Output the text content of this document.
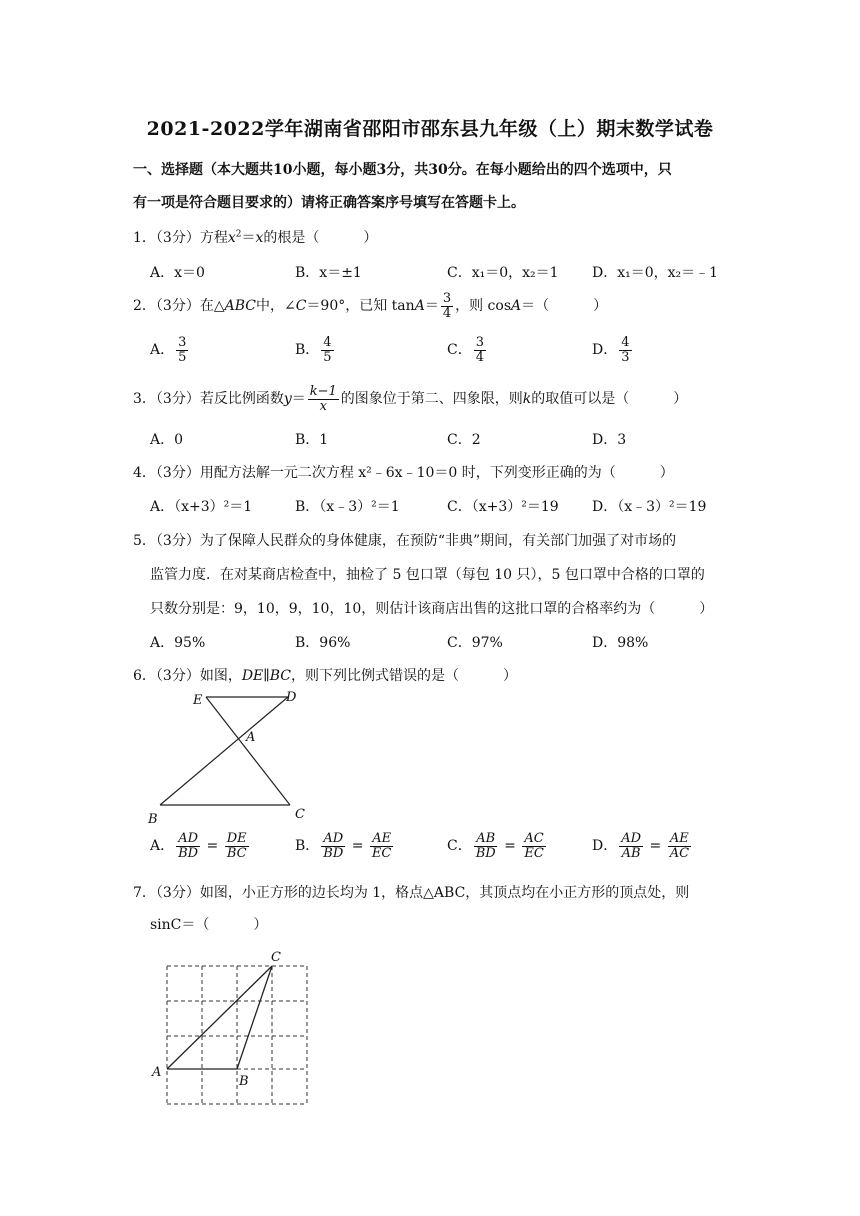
2021-2022学年湖南省邵阳市邵东县九年级（上）期末数学试卷
一、选择题（本大题共10小题，每小题3分，共30分。在每小题给出的四个选项中，只
有一项是符合题目要求的）请将正确答案序号填写在答题卡上。
1．（3分）方程$x^2=x$的根是（	）
A．x＝0	B．x＝±1	C．x₁＝0，x₂＝1 D．x₁＝0，x₂＝﹣1
2．（3分）在△ABC中，∠C＝90°，已知 $\tan A= \frac{3}{4}$ ，则 cosA＝（	）
A． $\frac{3}{5}$	B． $\frac{4}{5}$	C． $\frac{3}{4}$	D． $\frac{4}{3}$
3．（3分）若反比例函数$y= \frac{k-1}{x}$ 的图象位于第二、四象限，则k的取值可以是（	）
A．0	B．1	C．2	D．3
4．（3分）用配方法解一元二次方程 x²﹣6x﹣10＝0 时，下列变形正确的为（	）
A．（x+3）²＝1	B．（x﹣3）²＝1	C．（x+3）²＝19 D．（x﹣3）²＝19
5．（3分）为了保障人民群众的身体健康，在预防“非典”期间，有关部门加强了对市场的
监管力度．在对某商店检查中，抽检了 5 包口罩（每包 10 只），5 包口罩中合格的口罩的
只数分别是：9，10，9，10，10，则估计该商店出售的这批口罩的合格率约为（	）
A．95%	B．96%	C．97%	D．98%
6．（3分）如图，DE∥BC，则下列比例式错误的是（	）
E	D
A
B	C
A． $\frac{AD}{BD} = \frac{DE}{BC}$	B． $\frac{AD}{BD} = \frac{AE}{EC}$	C． $\frac{AB}{BD} = \frac{AC}{EC}$	D． $\frac{AD}{AB} = \frac{AE}{AC}$
7．（3分）如图，小正方形的边长均为 1，格点△ABC，其顶点均在小正方形的顶点处，则
sinC＝（	）
A
B
C
